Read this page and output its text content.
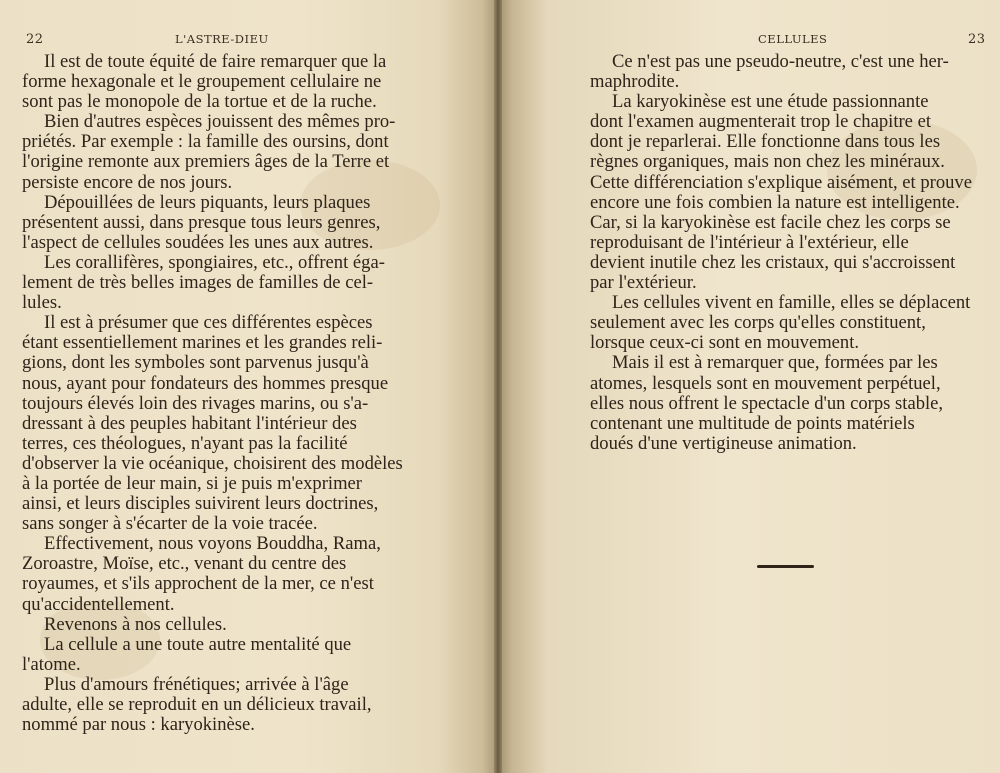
22	L'ASTRE-DIEU

Il est de toute équité de faire remarquer que la

forme hexagonale et le groupement cellulaire ne

sont pas le monopole de la tortue et de la ruche.

Bien d'autres espèces jouissent des mêmes pro-

priétés. Par exemple : la famille des oursins, dont

l'origine remonte aux premiers âges de la Terre et

persiste encore de nos jours.

Dépouillées de leurs piquants, leurs plaques

présentent aussi, dans presque tous leurs genres,

l'aspect de cellules soudées les unes aux autres.

Les corallifères, spongiaires, etc., offrent éga-

lement de très belles images de familles de cel-

lules.

Il est à présumer que ces différentes espèces

étant essentiellement marines et les grandes reli-

gions, dont les symboles sont parvenus jusqu'à

nous, ayant pour fondateurs des hommes presque

toujours élevés loin des rivages marins, ou s'a-

dressant à des peuples habitant l'intérieur des

terres, ces théologues, n'ayant pas la facilité

d'observer la vie océanique, choisirent des modèles

à la portée de leur main, si je puis m'exprimer

ainsi, et leurs disciples suivirent leurs doctrines,

sans songer à s'écarter de la voie tracée.

Effectivement, nous voyons Bouddha, Rama,

Zoroastre, Moïse, etc., venant du centre des

royaumes, et s'ils approchent de la mer, ce n'est

qu'accidentellement.

Revenons à nos cellules.

La cellule a une toute autre mentalité que

l'atome.

Plus d'amours frénétiques; arrivée à l'âge

adulte, elle se reproduit en un délicieux travail,

nommé par nous : karyokinèse.

CELLULES	23

Ce n'est pas une pseudo-neutre, c'est une her-

maphrodite.

La karyokinèse est une étude passionnante

dont l'examen augmenterait trop le chapitre et

dont je reparlerai. Elle fonctionne dans tous les

règnes organiques, mais non chez les minéraux.

Cette différenciation s'explique aisément, et prouve

encore une fois combien la nature est intelligente.

Car, si la karyokinèse est facile chez les corps se

reproduisant de l'intérieur à l'extérieur, elle

devient inutile chez les cristaux, qui s'accroissent

par l'extérieur.

Les cellules vivent en famille, elles se déplacent

seulement avec les corps qu'elles constituent,

lorsque ceux-ci sont en mouvement.

Mais il est à remarquer que, formées par les

atomes, lesquels sont en mouvement perpétuel,

elles nous offrent le spectacle d'un corps stable,

contenant une multitude de points matériels

doués d'une vertigineuse animation.
